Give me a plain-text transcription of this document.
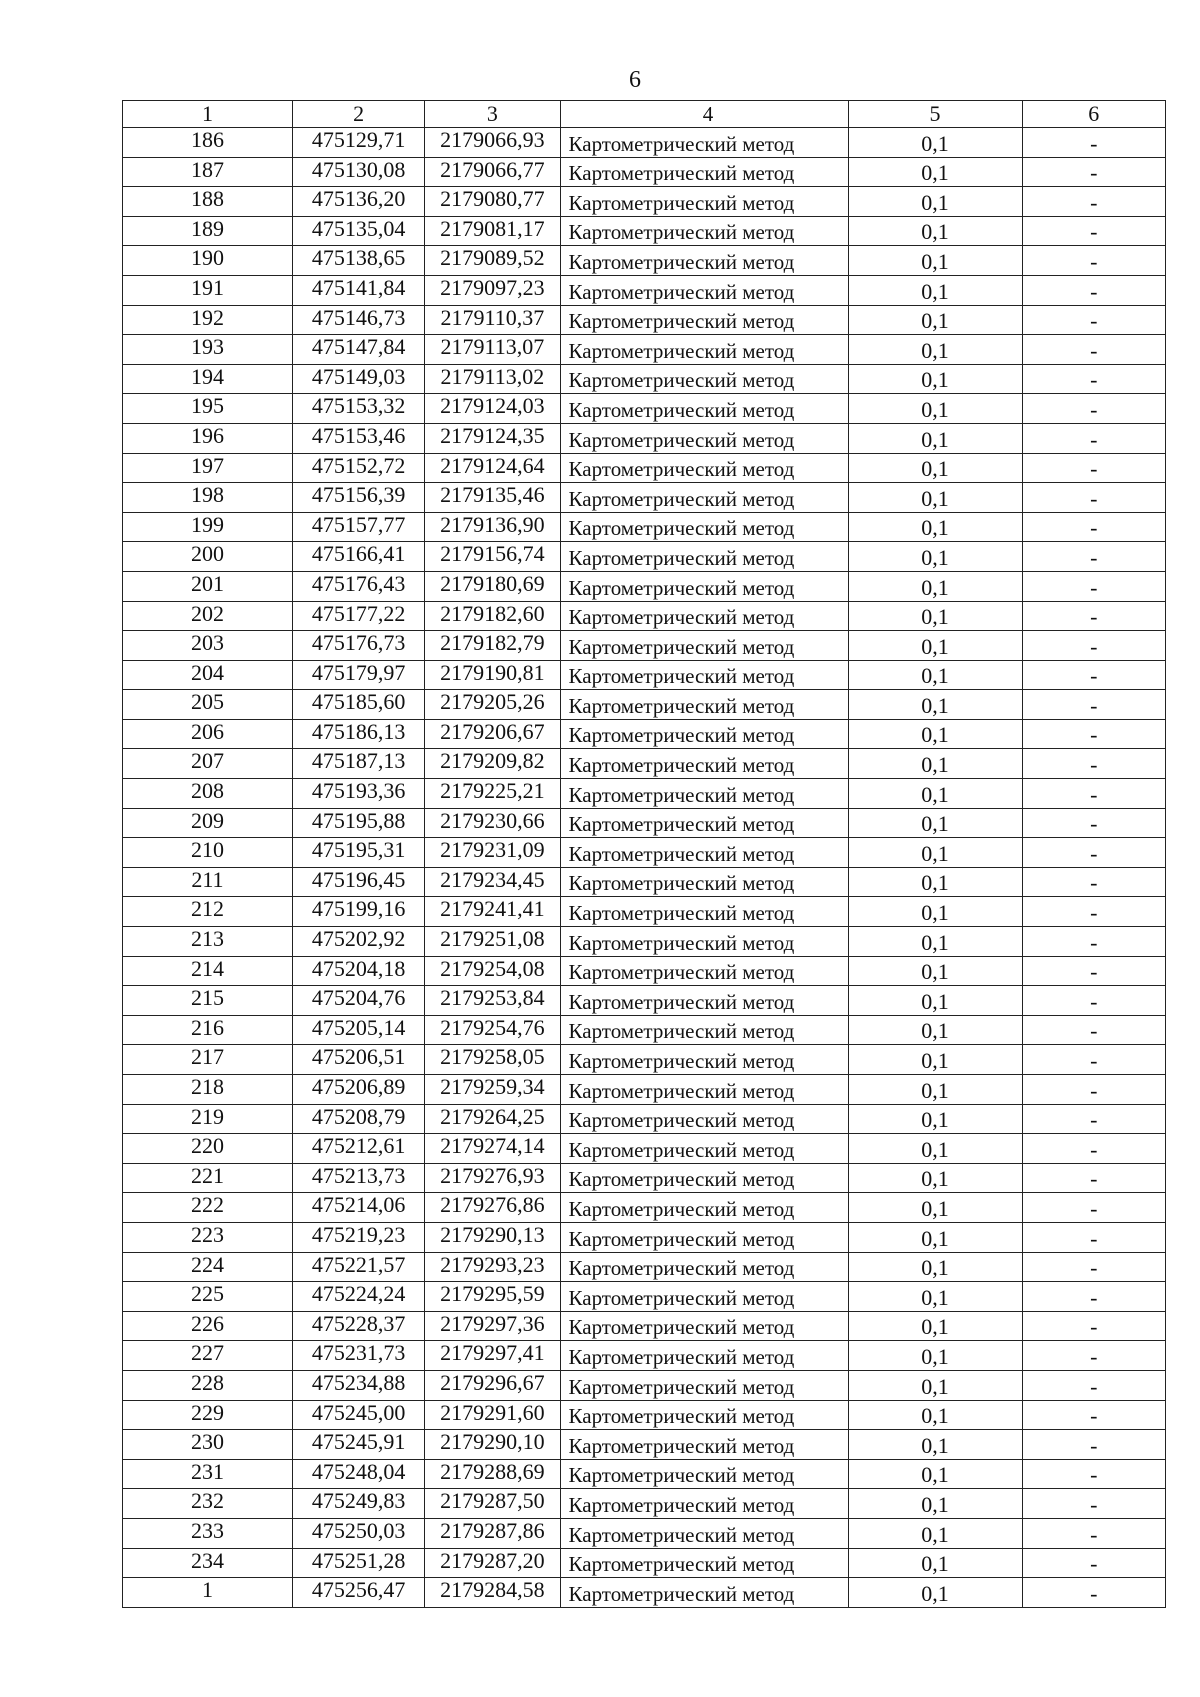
6
1	2	3	4	5	6
186	475129,71	2179066,93	Картометрический метод	0,1	-
187	475130,08	2179066,77	Картометрический метод	0,1	-
188	475136,20	2179080,77	Картометрический метод	0,1	-
189	475135,04	2179081,17	Картометрический метод	0,1	-
190	475138,65	2179089,52	Картометрический метод	0,1	-
191	475141,84	2179097,23	Картометрический метод	0,1	-
192	475146,73	2179110,37	Картометрический метод	0,1	-
193	475147,84	2179113,07	Картометрический метод	0,1	-
194	475149,03	2179113,02	Картометрический метод	0,1	-
195	475153,32	2179124,03	Картометрический метод	0,1	-
196	475153,46	2179124,35	Картометрический метод	0,1	-
197	475152,72	2179124,64	Картометрический метод	0,1	-
198	475156,39	2179135,46	Картометрический метод	0,1	-
199	475157,77	2179136,90	Картометрический метод	0,1	-
200	475166,41	2179156,74	Картометрический метод	0,1	-
201	475176,43	2179180,69	Картометрический метод	0,1	-
202	475177,22	2179182,60	Картометрический метод	0,1	-
203	475176,73	2179182,79	Картометрический метод	0,1	-
204	475179,97	2179190,81	Картометрический метод	0,1	-
205	475185,60	2179205,26	Картометрический метод	0,1	-
206	475186,13	2179206,67	Картометрический метод	0,1	-
207	475187,13	2179209,82	Картометрический метод	0,1	-
208	475193,36	2179225,21	Картометрический метод	0,1	-
209	475195,88	2179230,66	Картометрический метод	0,1	-
210	475195,31	2179231,09	Картометрический метод	0,1	-
211	475196,45	2179234,45	Картометрический метод	0,1	-
212	475199,16	2179241,41	Картометрический метод	0,1	-
213	475202,92	2179251,08	Картометрический метод	0,1	-
214	475204,18	2179254,08	Картометрический метод	0,1	-
215	475204,76	2179253,84	Картометрический метод	0,1	-
216	475205,14	2179254,76	Картометрический метод	0,1	-
217	475206,51	2179258,05	Картометрический метод	0,1	-
218	475206,89	2179259,34	Картометрический метод	0,1	-
219	475208,79	2179264,25	Картометрический метод	0,1	-
220	475212,61	2179274,14	Картометрический метод	0,1	-
221	475213,73	2179276,93	Картометрический метод	0,1	-
222	475214,06	2179276,86	Картометрический метод	0,1	-
223	475219,23	2179290,13	Картометрический метод	0,1	-
224	475221,57	2179293,23	Картометрический метод	0,1	-
225	475224,24	2179295,59	Картометрический метод	0,1	-
226	475228,37	2179297,36	Картометрический метод	0,1	-
227	475231,73	2179297,41	Картометрический метод	0,1	-
228	475234,88	2179296,67	Картометрический метод	0,1	-
229	475245,00	2179291,60	Картометрический метод	0,1	-
230	475245,91	2179290,10	Картометрический метод	0,1	-
231	475248,04	2179288,69	Картометрический метод	0,1	-
232	475249,83	2179287,50	Картометрический метод	0,1	-
233	475250,03	2179287,86	Картометрический метод	0,1	-
234	475251,28	2179287,20	Картометрический метод	0,1	-
1	475256,47	2179284,58	Картометрический метод	0,1	-
